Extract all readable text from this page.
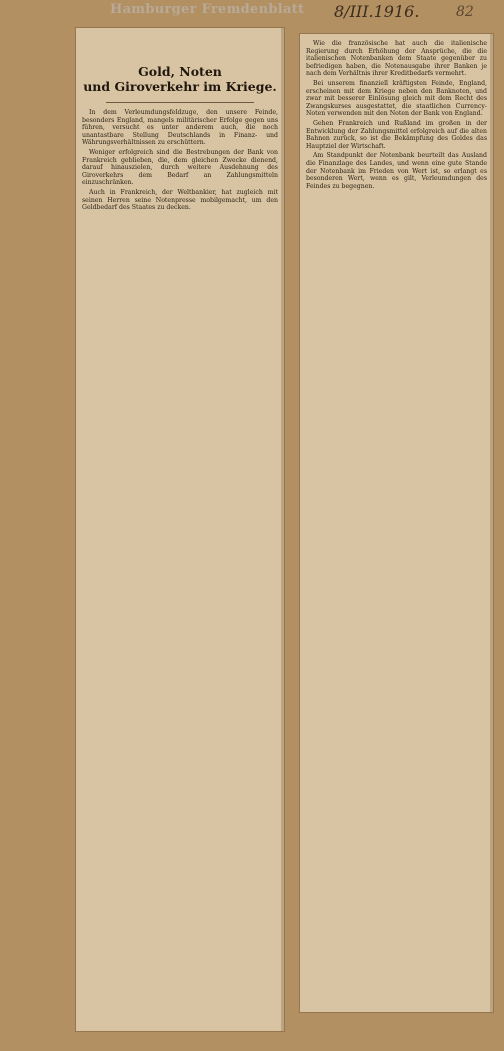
Hamburger Fremdenblatt	8/III.1916.	82
Gold, Noten
und Giroverkehr im Kriege.

In dem Verleumdungsfeldzuge, den unsere Feinde, besonders England, mangels militärischer Erfolge gegen uns führen, versucht es unter anderem auch, die noch unantastbare Stellung Deutschlands in Finanz- und Währungsverhältnissen zu erschüttern.

Weniger erfolgreich sind die Bestrebungen der Bank von Frankreich geblieben, die, dem gleichen Zwecke dienend, darauf hinauszielen, durch weitere Ausdehnung des Giroverkehrs dem Bedarf an Zahlungsmitteln einzuschränken.

Auch in Frankreich, der Weltbankier, hat zugleich mit seinen Herren seine Notenpresse mobilgemacht, um den Geldbedarf des Staates zu decken.

Wie die französische hat auch die italienische Regierung durch Erhöhung der Ansprüche, die die italienischen Notenbanken dem Staate gegenüber zu befriedigen haben, die Notenausgabe ihrer Banken je nach dem Verhältnis ihrer Kreditbedarfs vermehrt.

Bei unserem finanziell kräftigsten Feinde, England, erscheinen mit dem Kriege neben den Banknoten, und zwar mit besserer Einlösung gleich mit dem Recht des Zwangskurses ausgestattet, die staatlichen Currency-Noten verwenden mit den Noten der Bank von England.

Gehen Frankreich und Rußland im großen in der Entwicklung der Zahlungsmittel erfolgreich auf die alten Bahnen zurück, so ist die Bekämpfung des Goldes das Hauptziel der Wirtschaft.

Am Standpunkt der Notenbank beurteilt das Ausland die Finanzlage des Landes, und wenn eine gute Stande der Notenbank im Frieden von Wert ist, so erlangt es besonderen Wert, wenn es gilt, Verleumdungen des Feindes zu begegnen.
